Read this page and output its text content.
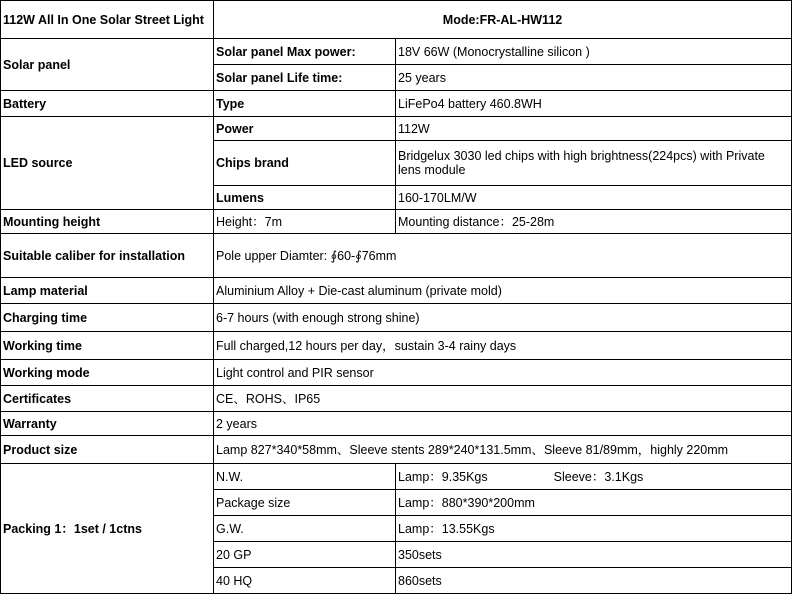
112W All In One Solar Street Light	Mode:FR-AL-HW112	
Solar panel	Solar panel Max power:	18V 66W (Monocrystalline silicon )
	Solar panel Life time:	25 years
Battery	Type	LiFePo4 battery 460.8WH
LED source	Power	112W
	Chips brand	Bridgelux 3030 led chips with high brightness(224pcs) with Private lens module
	Lumens	160-170LM/W
Mounting height	Height：7m	Mounting distance：25-28m
Suitable caliber for installation	Pole upper Diamter: ∮60-∮76mm	
Lamp material	Aluminium Alloy + Die-cast aluminum (private mold)	
Charging time	6-7 hours (with enough strong shine)	
Working time	Full charged,12 hours per day，sustain 3-4 rainy days	
Working mode	Light control and PIR sensor	
Certificates	CE、ROHS、IP65	
Warranty	2 years	
Product size	Lamp 827*340*58mm、Sleeve stents 289*240*131.5mm、Sleeve 81/89mm，highly 220mm	
Packing 1：1set / 1ctns	N.W.	Lamp：9.35Kgs Sleeve：3.1Kgs
	Package size	Lamp：880*390*200mm
	G.W.	Lamp：13.55Kgs
	20 GP	350sets
	40 HQ	860sets
